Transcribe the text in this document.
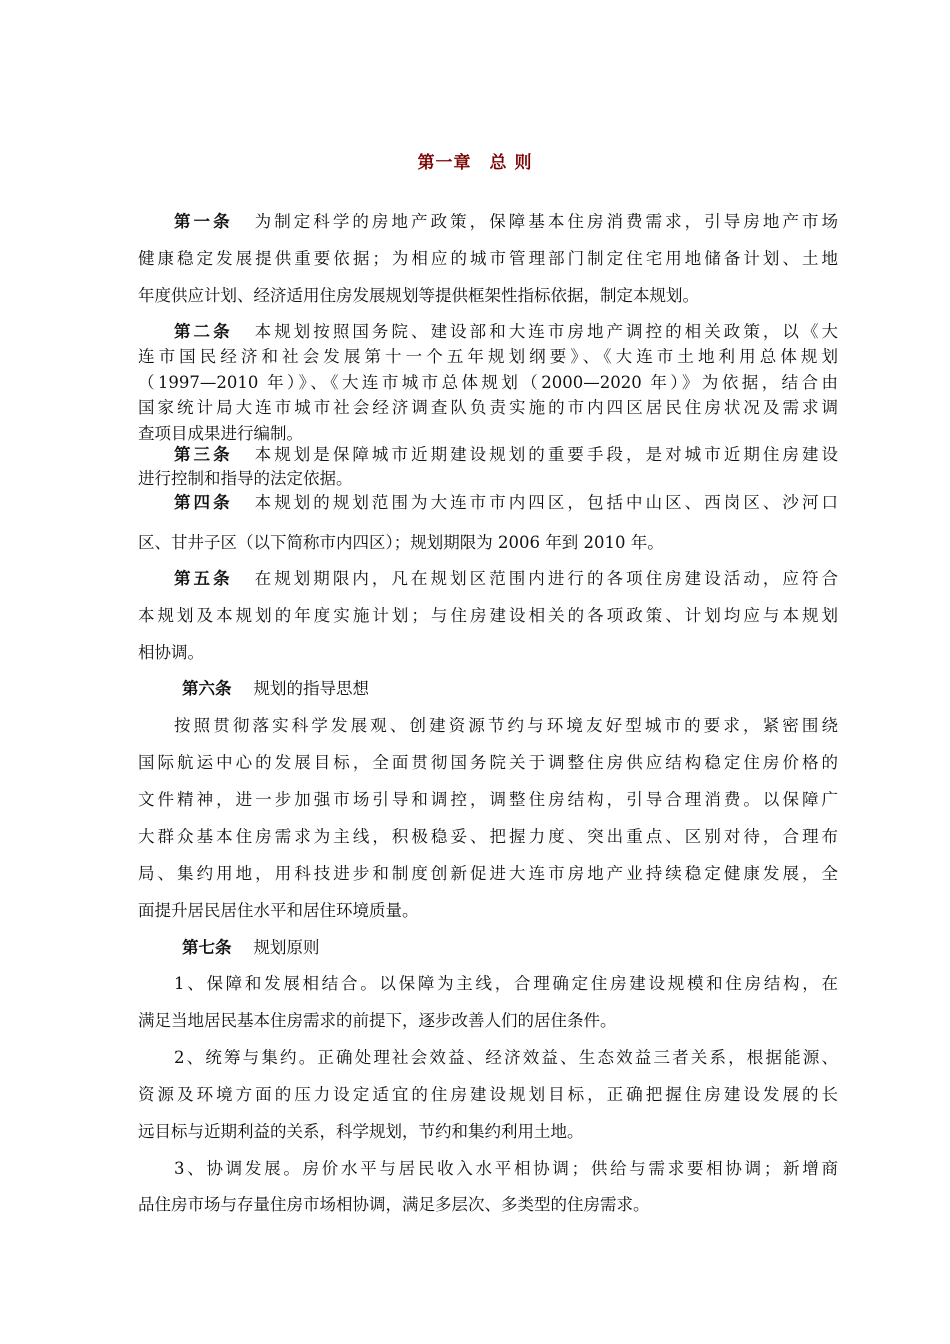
第一章　总 则
第一条 为制定科学的房地产政策，保障基本住房消费需求，引导房地产市场
健康稳定发展提供重要依据；为相应的城市管理部门制定住宅用地储备计划、土地
年度供应计划、经济适用住房发展规划等提供框架性指标依据，制定本规划。
第二条 本规划按照国务院、建设部和大连市房地产调控的相关政策，以《大
连市国民经济和社会发展第十一个五年规划纲要》、《大连市土地利用总体规划
（1997—2010 年）》、《大连市城市总体规划（2000—2020 年）》为依据，结合由
国家统计局大连市城市社会经济调查队负责实施的市内四区居民住房状况及需求调
查项目成果进行编制。
第三条 本规划是保障城市近期建设规划的重要手段，是对城市近期住房建设
进行控制和指导的法定依据。
第四条 本规划的规划范围为大连市市内四区，包括中山区、西岗区、沙河口
区、甘井子区（以下简称市内四区）；规划期限为 2006 年到 2010 年。
第五条 在规划期限内，凡在规划区范围内进行的各项住房建设活动，应符合
本规划及本规划的年度实施计划；与住房建设相关的各项政策、计划均应与本规划
相协调。
第六条 规划的指导思想
按照贯彻落实科学发展观、创建资源节约与环境友好型城市的要求，紧密围绕
国际航运中心的发展目标，全面贯彻国务院关于调整住房供应结构稳定住房价格的
文件精神，进一步加强市场引导和调控，调整住房结构，引导合理消费。以保障广
大群众基本住房需求为主线，积极稳妥、把握力度、突出重点、区别对待，合理布
局、集约用地，用科技进步和制度创新促进大连市房地产业持续稳定健康发展，全
面提升居民居住水平和居住环境质量。
第七条 规划原则
1、保障和发展相结合。以保障为主线，合理确定住房建设规模和住房结构，在
满足当地居民基本住房需求的前提下，逐步改善人们的居住条件。
2、统筹与集约。正确处理社会效益、经济效益、生态效益三者关系，根据能源、
资源及环境方面的压力设定适宜的住房建设规划目标，正确把握住房建设发展的长
远目标与近期利益的关系，科学规划，节约和集约利用土地。
3、协调发展。房价水平与居民收入水平相协调；供给与需求要相协调；新增商
品住房市场与存量住房市场相协调，满足多层次、多类型的住房需求。
